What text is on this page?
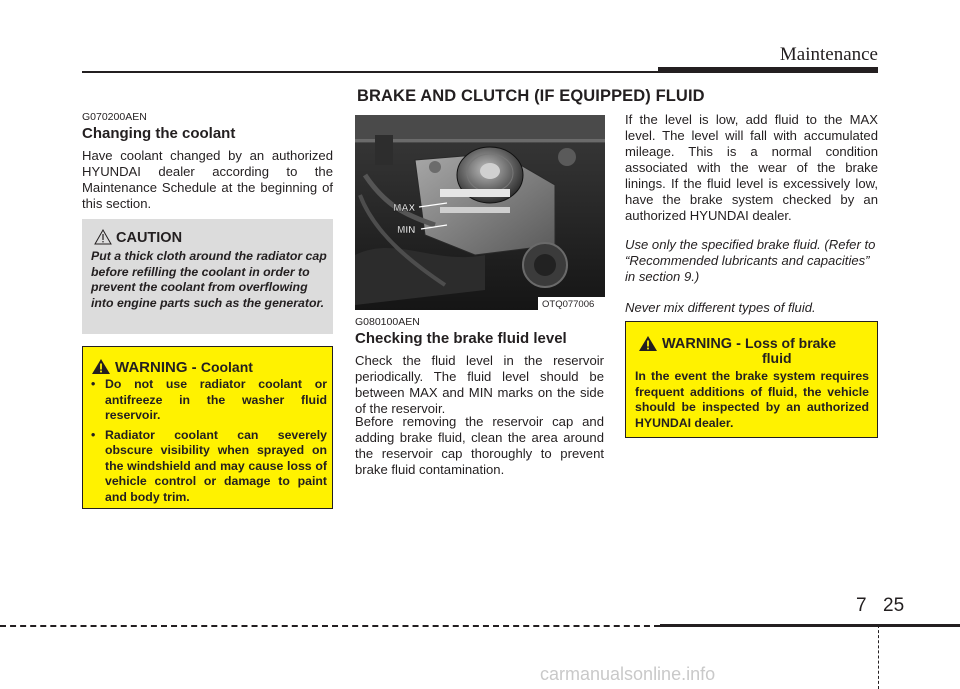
Maintenance
BRAKE AND CLUTCH (IF EQUIPPED) FLUID
G070200AEN
Changing the coolant
Have coolant changed by an authorized HYUNDAI dealer according to the Maintenance Schedule at the beginning of this section.
CAUTION
Put a thick cloth around the radiator cap before refilling the coolant in order to prevent the coolant from overflowing into engine parts such as the generator.
WARNING - Coolant
• Do not use radiator coolant or antifreeze in the washer fluid reservoir.
• Radiator coolant can severely obscure visibility when sprayed on the windshield and may cause loss of vehicle control or damage to paint and body trim.
MAX
MIN
OTQ077006
G080100AEN
Checking the brake fluid level
Check the fluid level in the reservoir periodically. The fluid level should be between MAX and MIN marks on the side of the reservoir.
Before removing the reservoir cap and adding brake fluid, clean the area around the reservoir cap thoroughly to prevent brake fluid contamination.
If the level is low, add fluid to the MAX level. The level will fall with accumulated mileage. This is a normal condition associated with the wear of the brake linings. If the fluid level is excessively low, have the brake system checked by an authorized HYUNDAI dealer.
Use only the specified brake fluid. (Refer to “Recommended lubricants and capacities” in section 9.)
Never mix different types of fluid.
WARNING - Loss of brake
fluid
In the event the brake system requires frequent additions of fluid, the vehicle should be inspected by an authorized HYUNDAI dealer.
7 25
carmanualsonline.info
